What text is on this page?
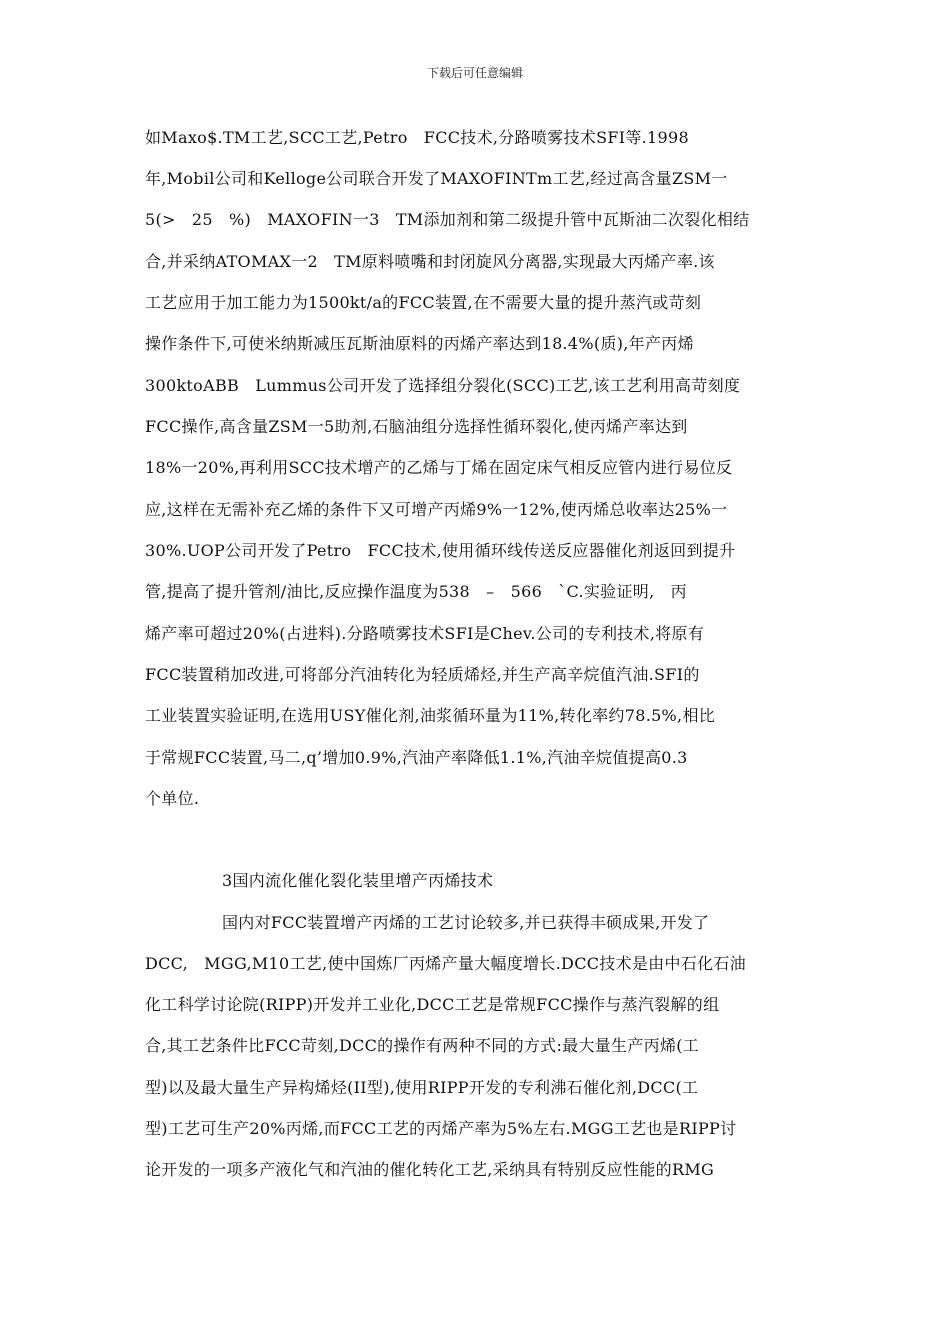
下载后可任意编辑
如Maxo$.TM工艺,SCC工艺,Petro   FCC技术,分路喷雾技术SFI等.1998
年,Mobil公司和Kelloge公司联合开发了MAXOFINTm工艺,经过高含量ZSM一
5(>   25   %)   MAXOFIN一3   TM添加剂和第二级提升管中瓦斯油二次裂化相结
合,并采纳ATOMAX一2   TM原料喷嘴和封闭旋风分离器,实现最大丙烯产率.该
工艺应用于加工能力为1500kt/a的FCC装置,在不需要大量的提升蒸汽或苛刻
操作条件下,可使米纳斯减压瓦斯油原料的丙烯产率达到18.4%(质),年产丙烯
300ktoABB   Lummus公司开发了选择组分裂化(SCC)工艺,该工艺利用高苛刻度
FCC操作,高含量ZSM一5助剂,石脑油组分选择性循环裂化,使丙烯产率达到
18%一20%,再利用SCC技术增产的乙烯与丁烯在固定床气相反应管内进行易位反
应,这样在无需补充乙烯的条件下又可增产丙烯9%一12%,使丙烯总收率达25%一
30%.UOP公司开发了Petro   FCC技术,使用循环线传送反应器催化剂返回到提升
管,提高了提升管剂/油比,反应操作温度为538   –   566   `C.实验证明,   丙
烯产率可超过20%(占进料).分路喷雾技术SFI是Chev.公司的专利技术,将原有
FCC装置稍加改进,可将部分汽油转化为轻质烯烃,并生产高辛烷值汽油.SFI的
工业装置实验证明,在选用USY催化剂,油浆循环量为11%,转化率约78.5%,相比
于常规FCC装置,马二,q’增加0.9%,汽油产率降低1.1%,汽油辛烷值提高0.3
个单位.
3国内流化催化裂化装里增产丙烯技术
国内对FCC装置增产丙烯的工艺讨论较多,并已获得丰硕成果,开发了
DCC,   MGG,M10工艺,使中国炼厂丙烯产量大幅度增长.DCC技术是由中石化石油
化工科学讨论院(RIPP)开发并工业化,DCC工艺是常规FCC操作与蒸汽裂解的组
合,其工艺条件比FCC苛刻,DCC的操作有两种不同的方式:最大量生产丙烯(工
型)以及最大量生产异构烯烃(II型),使用RIPP开发的专利沸石催化剂,DCC(工
型)工艺可生产20%丙烯,而FCC工艺的丙烯产率为5%左右.MGG工艺也是RIPP讨
论开发的一项多产液化气和汽油的催化转化工艺,采纳具有特别反应性能的RMG
